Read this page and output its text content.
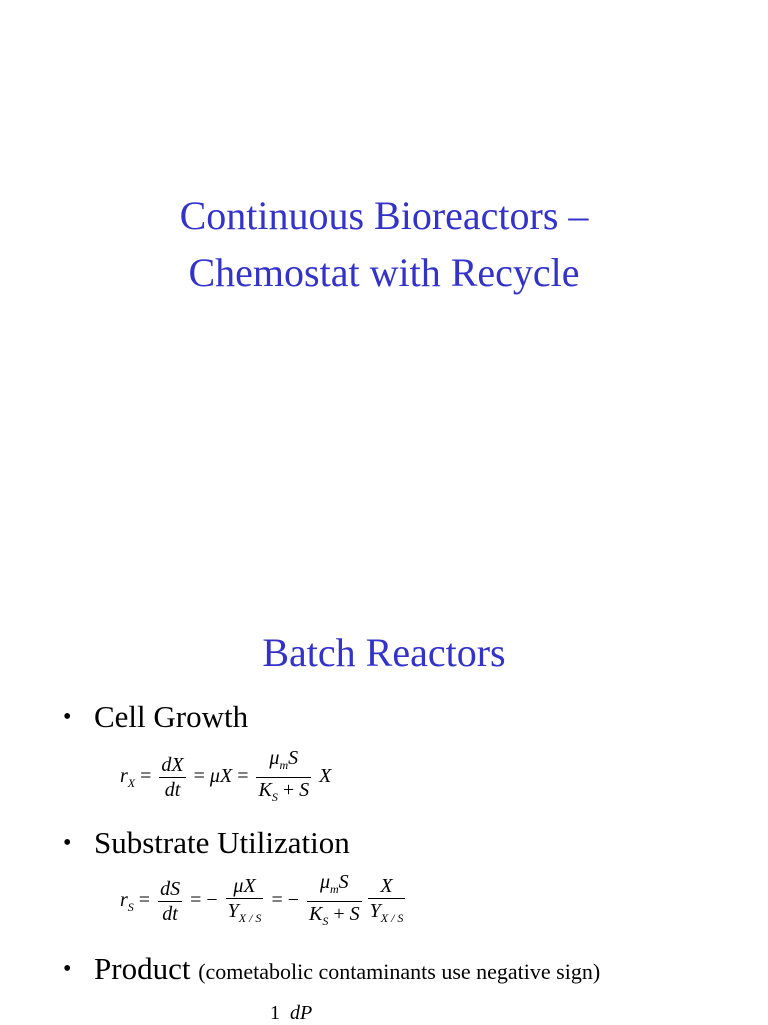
Continuous Bioreactors –
Chemostat with Recycle
Batch Reactors
• Cell Growth
$r_X = \frac{dX}{dt} = \mu X = \frac{\mu_mS}{K_S + S}$ X
• Substrate Utilization
$r_S = \frac{dS}{dt}$ = − $\frac{\mu X}{Y_{X / S}}$ = − $\frac{\mu_mS}{K_S + S} \frac{X}{Y_{X / S}}$
• Product (cometabolic contaminants use negative sign)
1  dP
